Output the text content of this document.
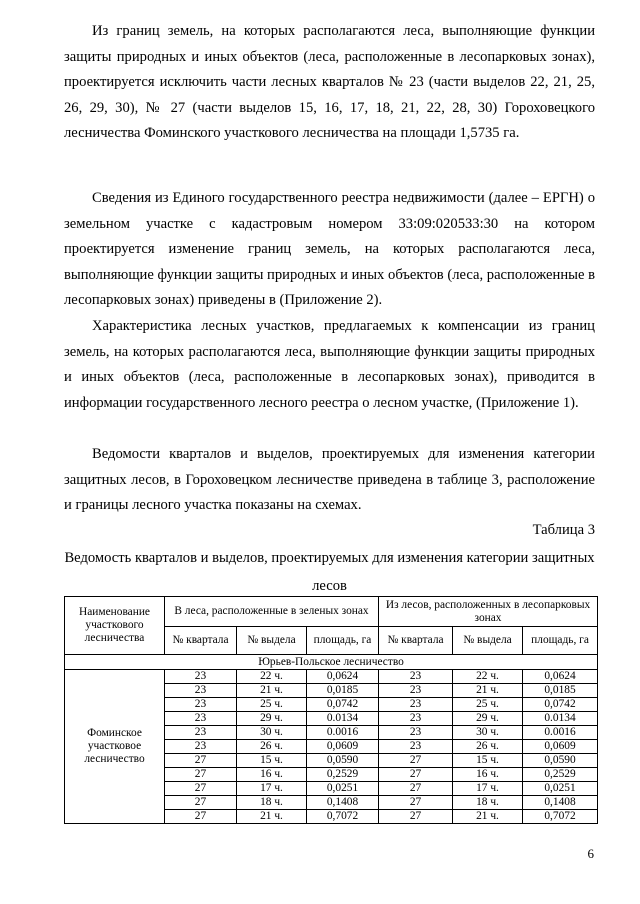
Из границ земель, на которых располагаются леса, выполняющие функции защиты природных и иных объектов (леса, расположенные в лесопарковых зонах), проектируется исключить части лесных кварталов № 23 (части выделов 22, 21, 25, 26, 29, 30), № 27 (части выделов 15, 16, 17, 18, 21, 22, 28, 30) Гороховецкого лесничества Фоминского участкового лесничества на площади 1,5735 га.

Сведения из Единого государственного реестра недвижимости (далее – ЕРГН) о земельном участке с кадастровым номером 33:09:020533:30 на котором проектируется изменение границ земель, на которых располагаются леса, выполняющие функции защиты природных и иных объектов (леса, расположенные в лесопарковых зонах) приведены в (Приложение 2).

Характеристика лесных участков, предлагаемых к компенсации из границ земель, на которых располагаются леса, выполняющие функции защиты природных и иных объектов (леса, расположенные в лесопарковых зонах), приводится в информации государственного лесного реестра о лесном участке, (Приложение 1).

Ведомости кварталов и выделов, проектируемых для изменения категории защитных лесов, в Гороховецком лесничестве приведена в таблице 3, расположение и границы лесного участка показаны на схемах.

Таблица 3
Ведомость кварталов и выделов, проектируемых для изменения категории защитных лесов
Наименование участкового лесничества	В леса, расположенные в зеленых зонах			Из лесов, расположенных в лесопарковых зонах		
	№ квартала	№ выдела	площадь, га	№ квартала	№ выдела	площадь, га
Юрьев-Польское лесничество						
Фоминское участковое лесничество	23	22 ч.	0,0624	23	22 ч.	0,0624
	23	21 ч.	0,0185	23	21 ч.	0,0185
	23	25 ч.	0,0742	23	25 ч.	0,0742
	23	29 ч.	0.0134	23	29 ч.	0.0134
	23	30 ч.	0.0016	23	30 ч.	0.0016
	23	26 ч.	0,0609	23	26 ч.	0,0609
	27	15 ч.	0,0590	27	15 ч.	0,0590
	27	16 ч.	0,2529	27	16 ч.	0,2529
	27	17 ч.	0,0251	27	17 ч.	0,0251
	27	18 ч.	0,1408	27	18 ч.	0,1408
	27	21 ч.	0,7072	27	21 ч.	0,7072
6
